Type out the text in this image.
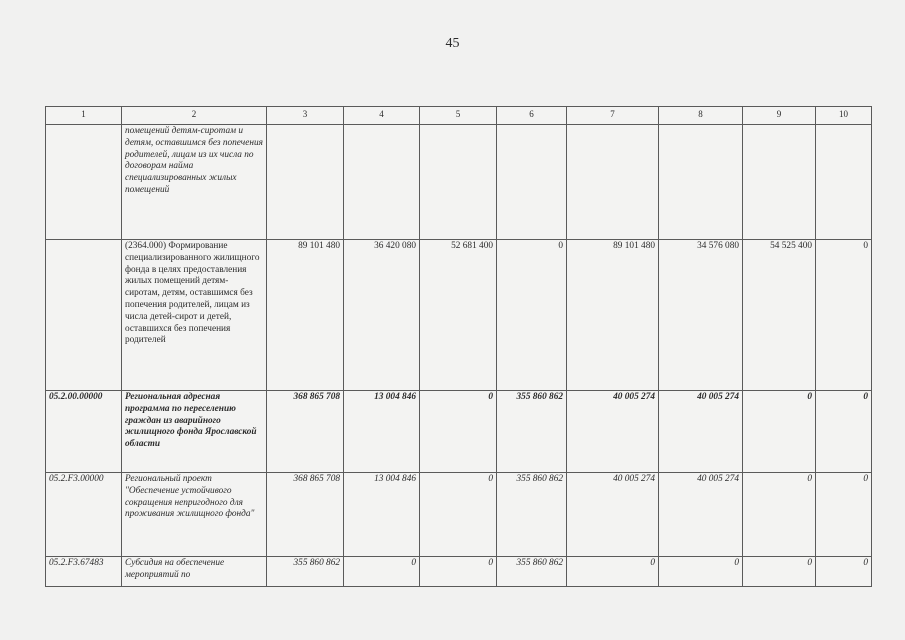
45
1	2	3	4	5	6	7	8	9	10
	помещений детям-сиротам и детям, оставшимся без попечения родителей, лицам из их числа по договорам найма специализированных жилых помещений								
	(2364.000) Формирование специализированного жилищного фонда в целях предоставления жилых помещений детям-сиротам, детям, оставшимся без попечения родителей, лицам из числа детей-сирот и детей, оставшихся без попечения родителей	89 101 480	36 420 080	52 681 400	0	89 101 480	34 576 080	54 525 400	0
05.2.00.00000	Региональная адресная программа по переселению граждан из аварийного жилищного фонда Ярославской области	368 865 708	13 004 846	0	355 860 862	40 005 274	40 005 274	0	0
05.2.F3.00000	Региональный проект "Обеспечение устойчивого сокращения непригодного для проживания жилищного фонда"	368 865 708	13 004 846	0	355 860 862	40 005 274	40 005 274	0	0
05.2.F3.67483	Субсидия на обеспечение мероприятий по	355 860 862	0	0	355 860 862	0	0	0	0
